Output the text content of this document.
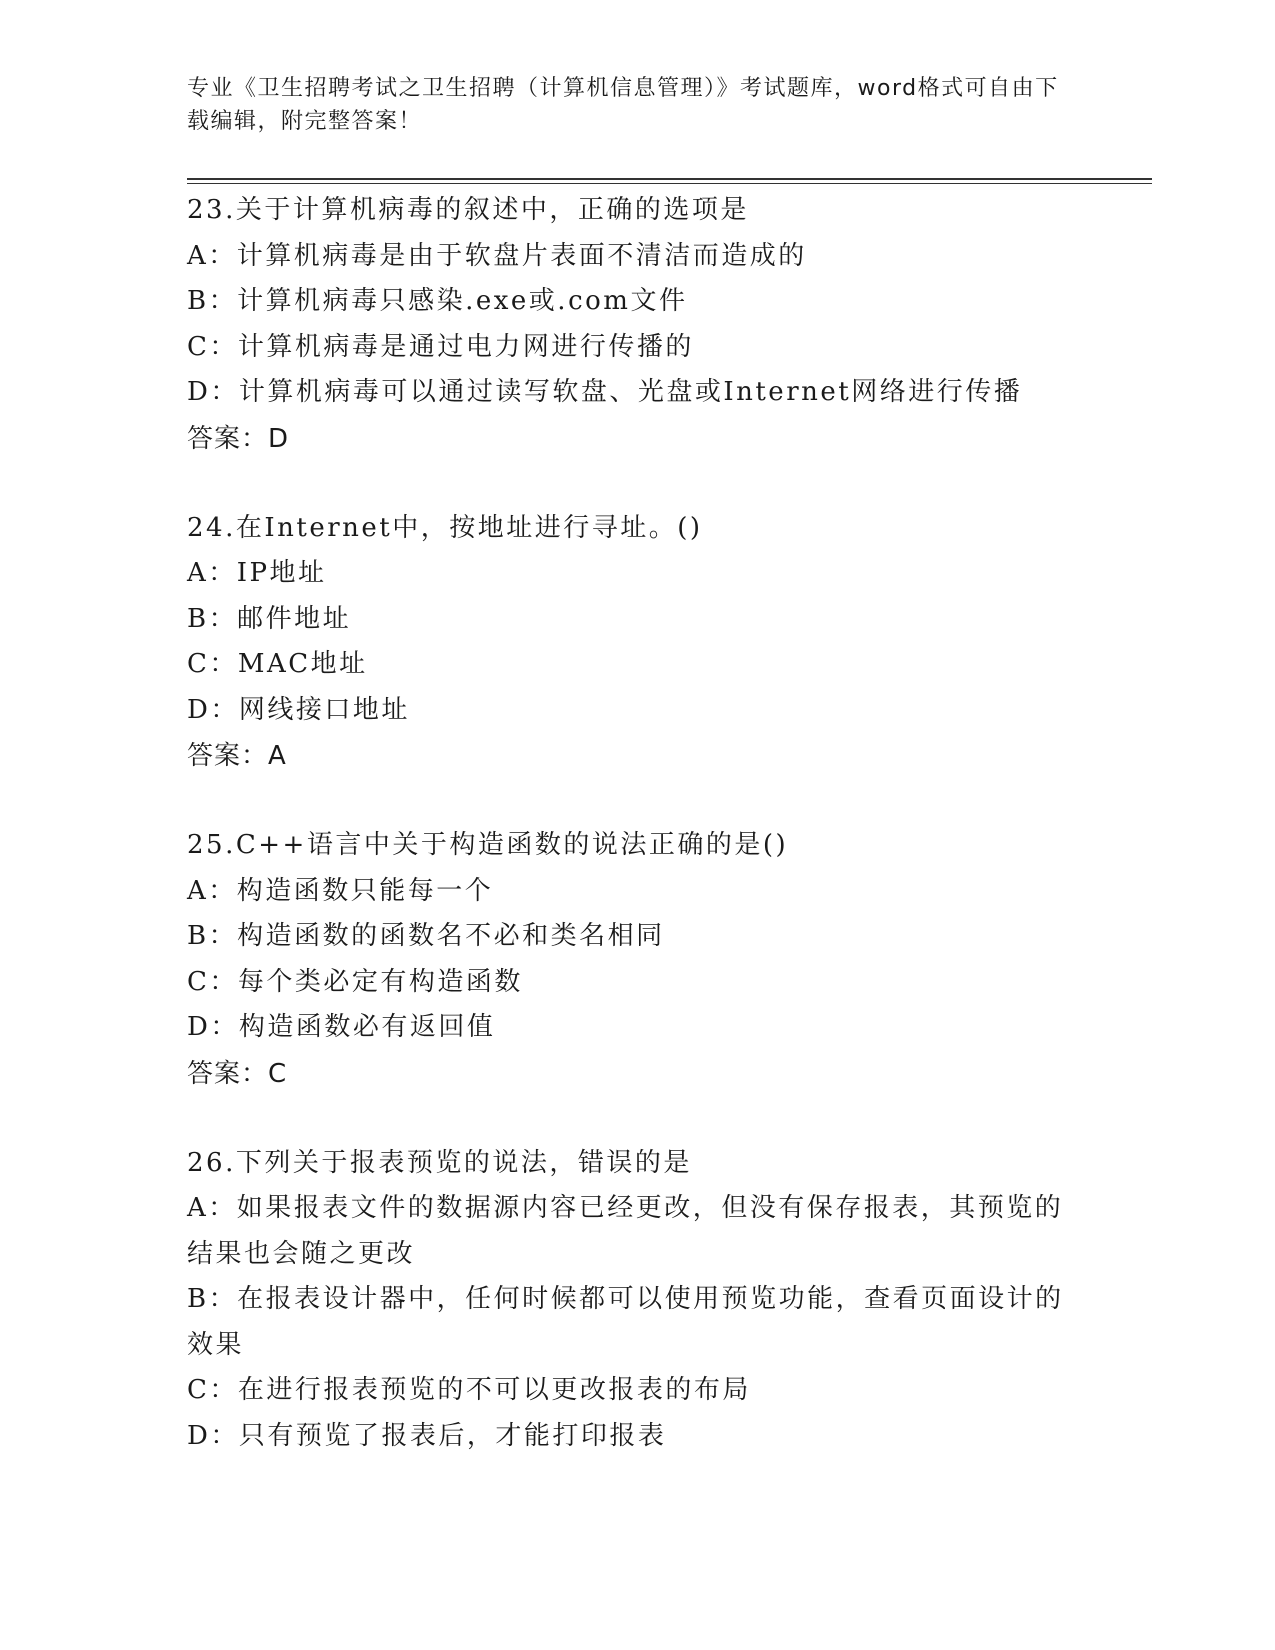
专业《卫生招聘考试之卫生招聘（计算机信息管理）》考试题库，word格式可自由下载编辑，附完整答案！
23.关于计算机病毒的叙述中，正确的选项是
A：计算机病毒是由于软盘片表面不清洁而造成的
B：计算机病毒只感染.exe或.com文件
C：计算机病毒是通过电力网进行传播的
D：计算机病毒可以通过读写软盘、光盘或Internet网络进行传播
答案：D
24.在Internet中，按地址进行寻址。()
A：IP地址
B：邮件地址
C：MAC地址
D：网线接口地址
答案：A
25.C++语言中关于构造函数的说法正确的是()
A：构造函数只能每一个
B：构造函数的函数名不必和类名相同
C：每个类必定有构造函数
D：构造函数必有返回值
答案：C
26.下列关于报表预览的说法，错误的是
A：如果报表文件的数据源内容已经更改，但没有保存报表，其预览的结果也会随之更改
B：在报表设计器中，任何时候都可以使用预览功能，查看页面设计的效果
C：在进行报表预览的不可以更改报表的布局
D：只有预览了报表后，才能打印报表
